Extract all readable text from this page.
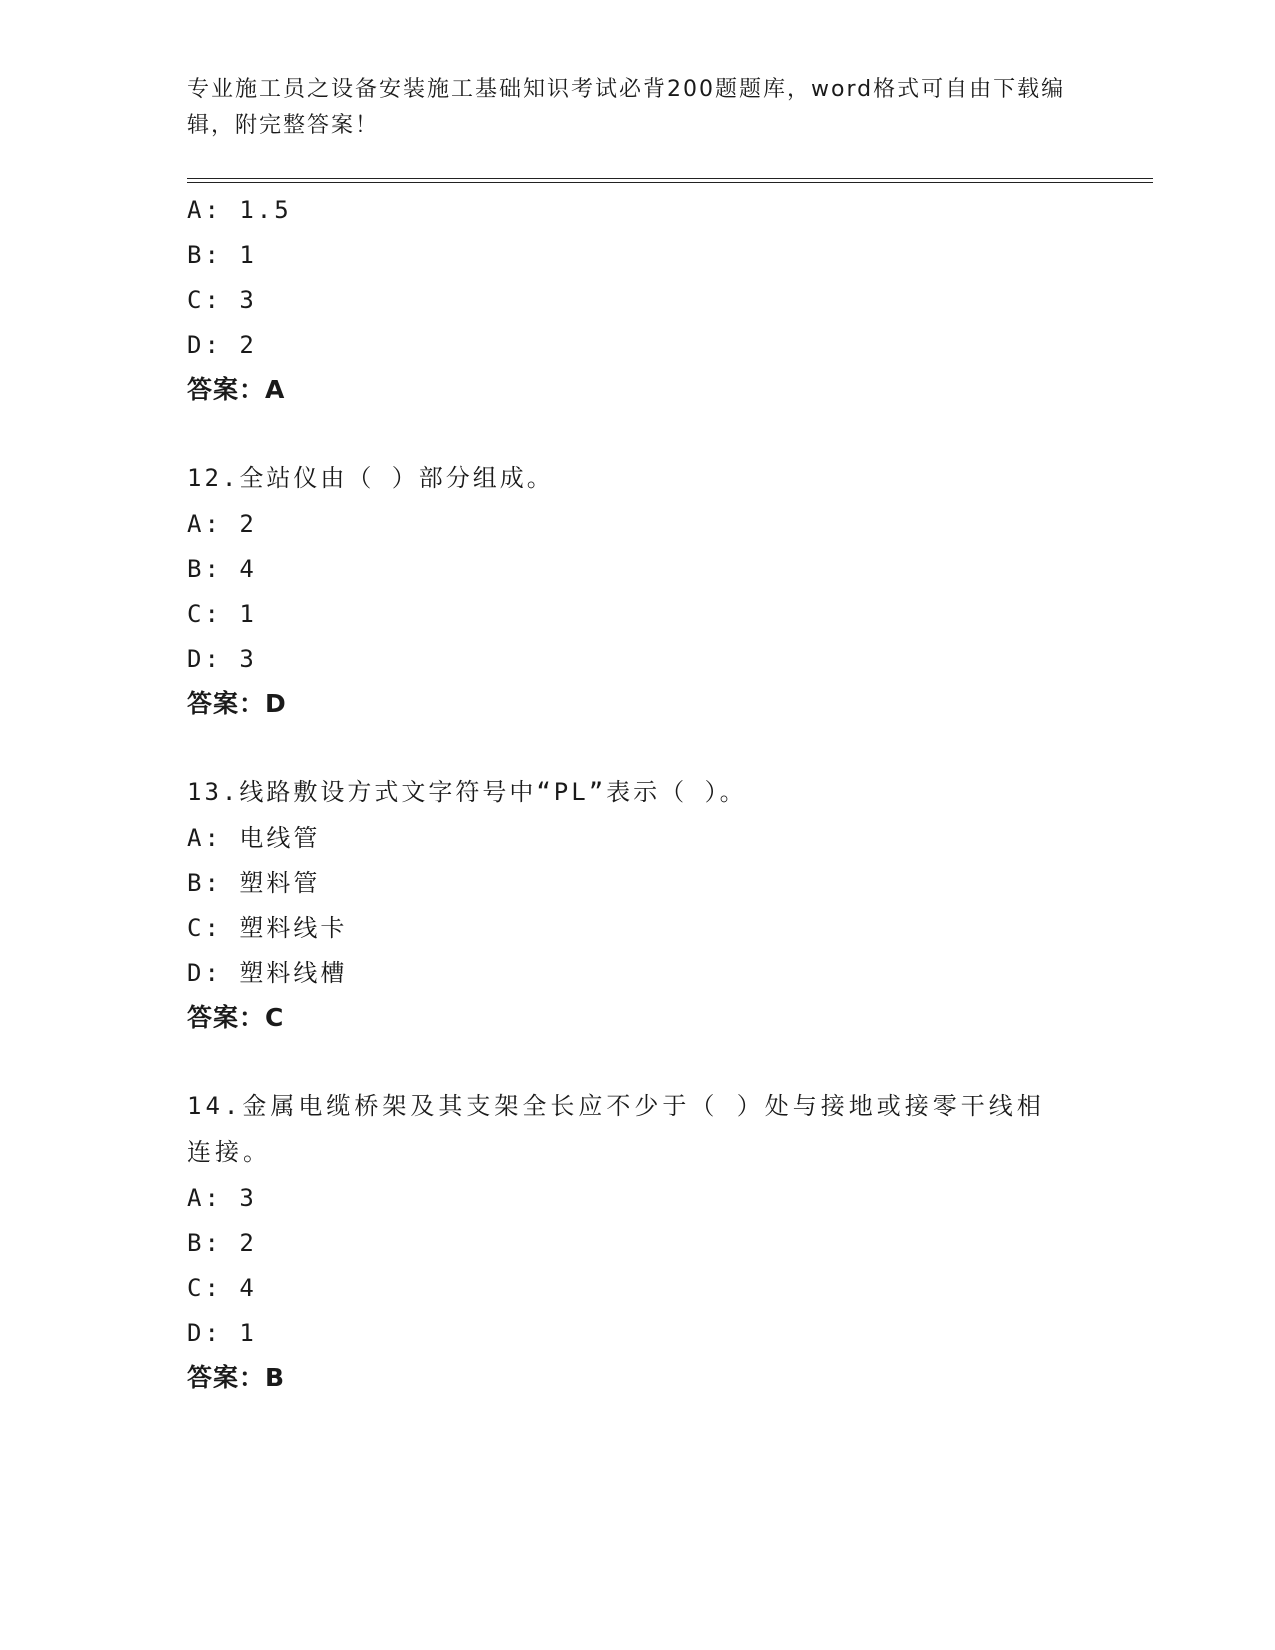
专业施工员之设备安装施工基础知识考试必背200题题库，word格式可自由下载编辑，附完整答案！
A: 1.5
B: 1
C: 3
D: 2
答案：A
12.全站仪由（ ）部分组成。
A: 2
B: 4
C: 1
D: 3
答案：D
13.线路敷设方式文字符号中“PL”表示（ ）。
A: 电线管
B: 塑料管
C: 塑料线卡
D: 塑料线槽
答案：C
14.金属电缆桥架及其支架全长应不少于（ ）处与接地或接零干线相连接。
A: 3
B: 2
C: 4
D: 1
答案：B
